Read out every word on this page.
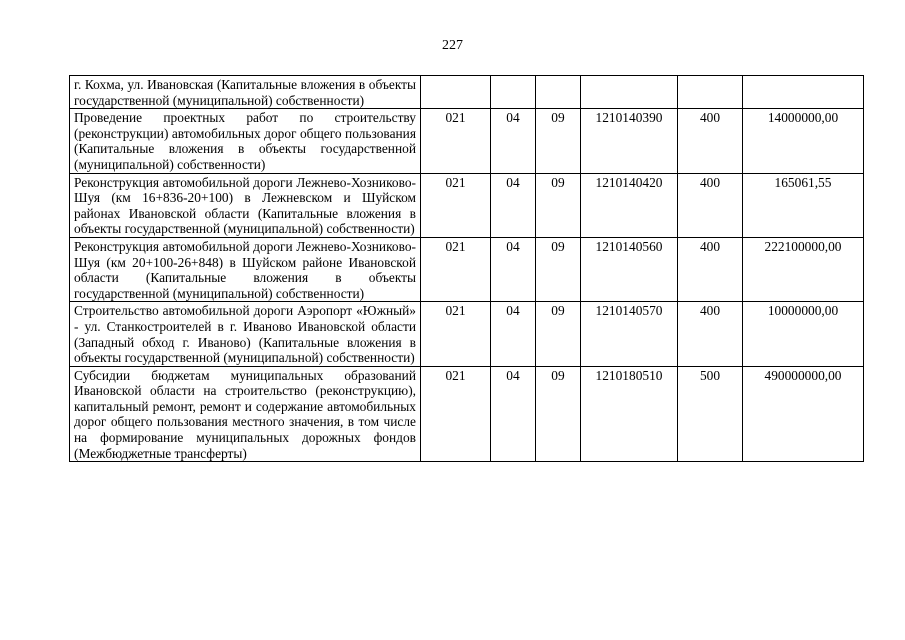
227
г. Кохма, ул. Ивановская (Капитальные вложения в объекты государственной (муниципальной) собственности)						
Проведение проектных работ по строительству (реконструкции) автомобильных дорог общего пользования (Капитальные вложения в объекты государственной (муниципальной) собственности)	021	04	09	1210140390	400	14000000,00
Реконструкция автомобильной дороги Лежнево-Хозниково-Шуя (км 16+836-20+100) в Лежневском и Шуйском районах Ивановской области (Капитальные вложения в объекты государственной (муниципальной) собственности)	021	04	09	1210140420	400	165061,55
Реконструкция автомобильной дороги Лежнево-Хозниково-Шуя (км 20+100-26+848) в Шуйском районе Ивановской области (Капитальные вложения в объекты государственной (муниципальной) собственности)	021	04	09	1210140560	400	222100000,00
Строительство автомобильной дороги Аэропорт «Южный» - ул. Станкостроителей в г. Иваново Ивановской области (Западный обход г. Иваново) (Капитальные вложения в объекты государственной (муниципальной) собственности)	021	04	09	1210140570	400	10000000,00
Субсидии бюджетам муниципальных образований Ивановской области на строительство (реконструкцию), капитальный ремонт, ремонт и содержание автомобильных дорог общего пользования местного значения, в том числе на формирование муниципальных дорожных фондов (Межбюджетные трансферты)	021	04	09	1210180510	500	490000000,00
